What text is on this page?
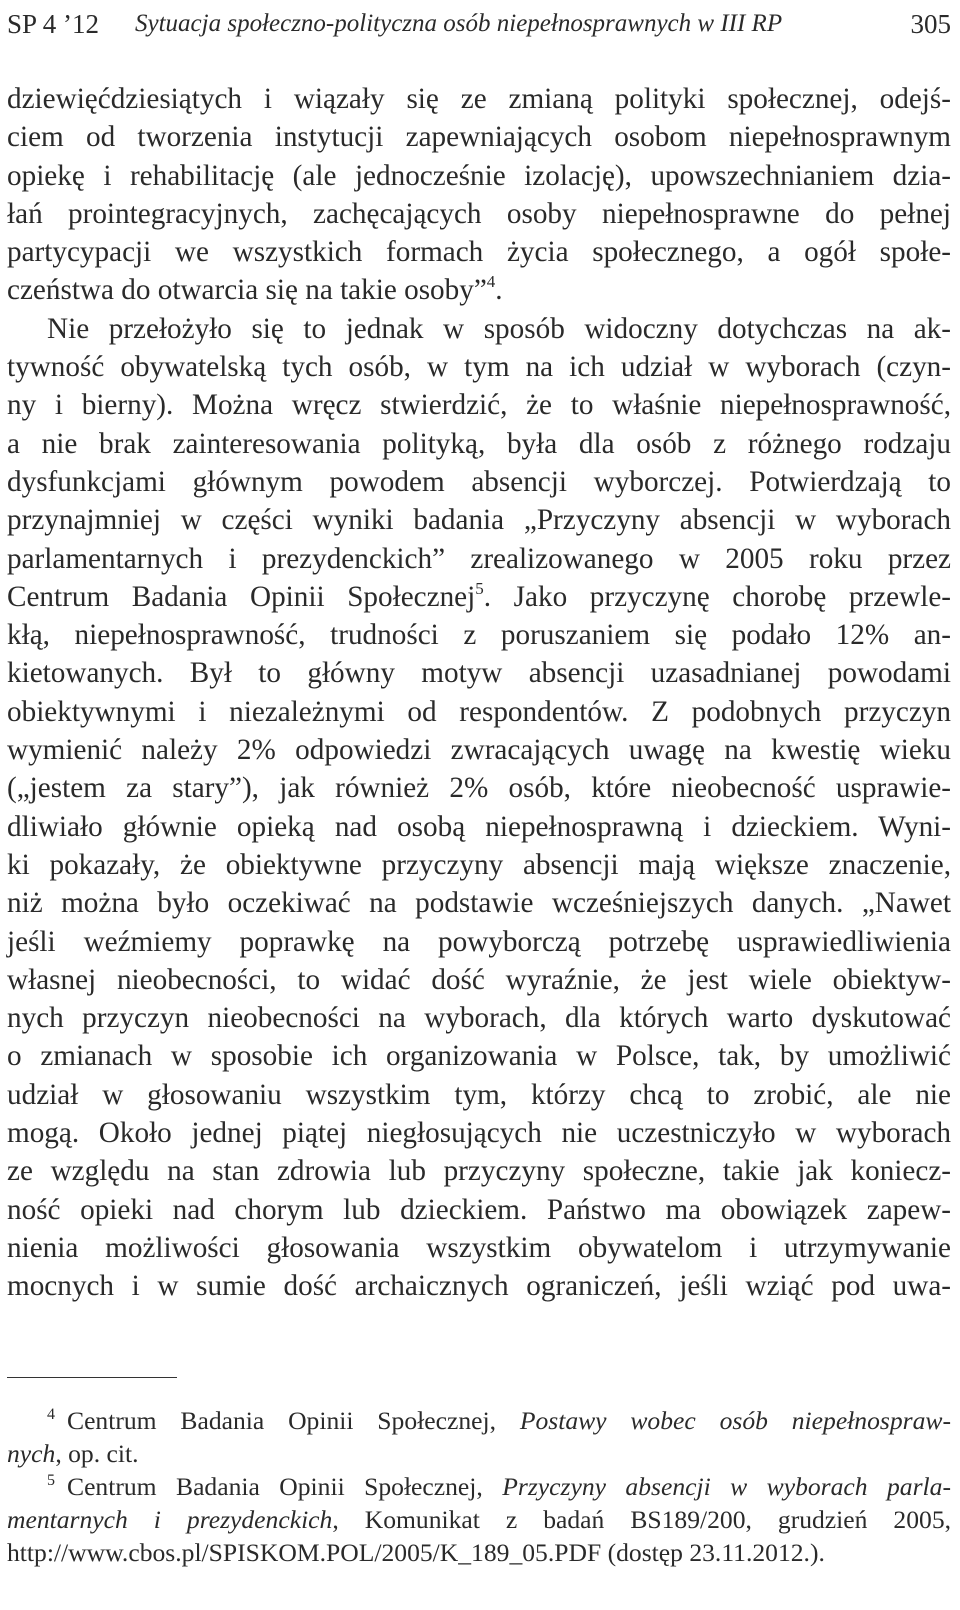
SP 4 ’12 Sytuacja społeczno-polityczna osób niepełnosprawnych w III RP	305
dziewięćdziesiątych i wiązały się ze zmianą polityki społecznej, odejś-
ciem od tworzenia instytucji zapewniających osobom niepełnosprawnym
opiekę i rehabilitację (ale jednocześnie izolację), upowszechnianiem dzia-
łań prointegracyjnych, zachęcających osoby niepełnosprawne do pełnej
partycypacji we wszystkich formach życia społecznego, a ogół społe-
czeństwa do otwarcia się na takie osoby”$^4$.
Nie przełożyło się to jednak w sposób widoczny dotychczas na ak-
tywność obywatelską tych osób, w tym na ich udział w wyborach (czyn-
ny i bierny). Można wręcz stwierdzić, że to właśnie niepełnosprawność,
a nie brak zainteresowania polityką, była dla osób z różnego rodzaju
dysfunkcjami głównym powodem absencji wyborczej. Potwierdzają to
przynajmniej w części wyniki badania „Przyczyny absencji w wyborach
parlamentarnych i prezydenckich” zrealizowanego w 2005 roku przez
Centrum Badania Opinii Społecznej$^5$. Jako przyczynę chorobę przewle-
kłą, niepełnosprawność, trudności z poruszaniem się podało 12% an-
kietowanych. Był to główny motyw absencji uzasadnianej powodami
obiektywnymi i niezależnymi od respondentów. Z podobnych przyczyn
wymienić należy 2% odpowiedzi zwracających uwagę na kwestię wieku
(„jestem za stary”), jak również 2% osób, które nieobecność usprawie-
dliwiało głównie opieką nad osobą niepełnosprawną i dzieckiem. Wyni-
ki pokazały, że obiektywne przyczyny absencji mają większe znaczenie,
niż można było oczekiwać na podstawie wcześniejszych danych. „Nawet
jeśli weźmiemy poprawkę na powyborczą potrzebę usprawiedliwienia
własnej nieobecności, to widać dość wyraźnie, że jest wiele obiektyw-
nych przyczyn nieobecności na wyborach, dla których warto dyskutować
o zmianach w sposobie ich organizowania w Polsce, tak, by umożliwić
udział w głosowaniu wszystkim tym, którzy chcą to zrobić, ale nie
mogą. Około jednej piątej niegłosujących nie uczestniczyło w wyborach
ze względu na stan zdrowia lub przyczyny społeczne, takie jak koniecz-
ność opieki nad chorym lub dzieckiem. Państwo ma obowiązek zapew-
nienia możliwości głosowania wszystkim obywatelom i utrzymywanie
mocnych i w sumie dość archaicznych ograniczeń, jeśli wziąć pod uwa-
$^4$ Centrum Badania Opinii Społecznej, Postawy wobec osób niepełnospraw-
nych, op. cit.
$^5$ Centrum Badania Opinii Społecznej, Przyczyny absencji w wyborach parla-
mentarnych i prezydenckich, Komunikat z badań BS189/200, grudzień 2005,
http://www.cbos.pl/SPISKOM.POL/2005/K_189_05.PDF (dostęp 23.11.2012.).
